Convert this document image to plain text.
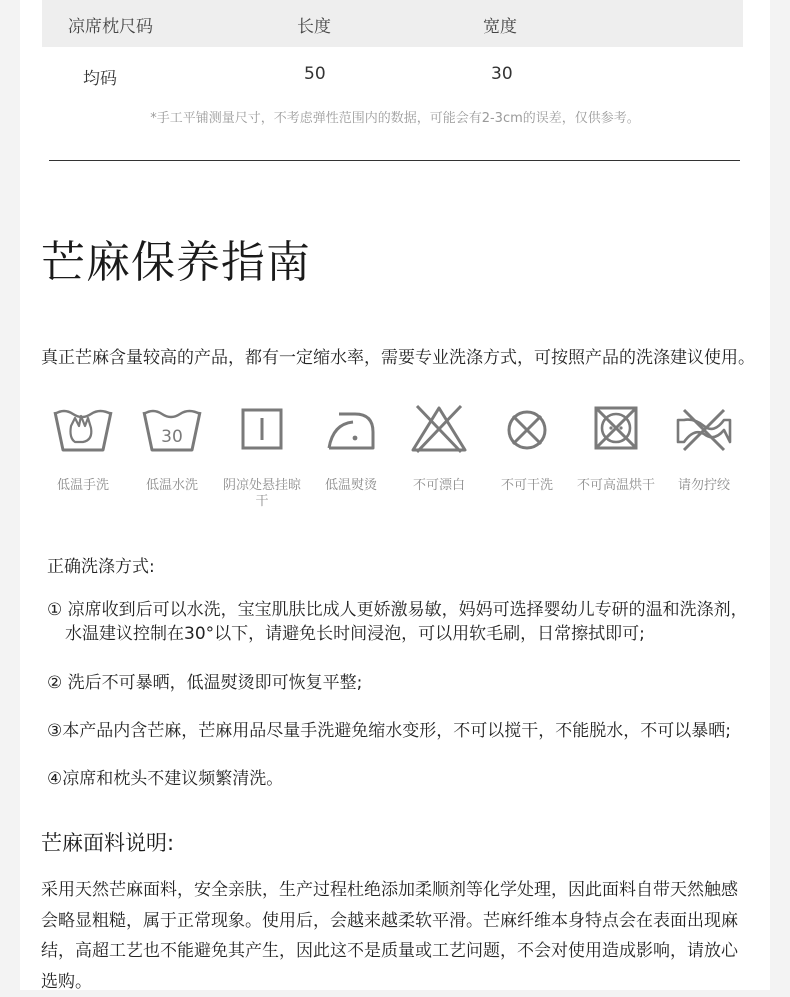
凉席枕尺码	长度	宽度
均码	50	30
*手工平铺测量尺寸，不考虑弹性范围内的数据，可能会有2-3cm的误差，仅供参考。
芒麻保养指南
真正芒麻含量较高的产品，都有一定缩水率，需要专业洗涤方式，可按照产品的洗涤建议使用。
低温手洗
30
低温水洗	阴凉处悬挂晾干
低温熨烫	不可漂白	不可干洗	不可高温烘干	请勿拧绞
正确洗涤方式:
① 凉席收到后可以水洗，宝宝肌肤比成人更娇激易敏，妈妈可选择婴幼儿专研的温和洗涤剂，
水温建议控制在30°以下，请避免长时间浸泡，可以用软毛刷，日常擦拭即可;
② 洗后不可暴晒，低温熨烫即可恢复平整;
③本产品内含芒麻，芒麻用品尽量手洗避免缩水变形，不可以搅干，不能脱水，不可以暴晒;
④凉席和枕头不建议频繁清洗。
芒麻面料说明:
采用天然芒麻面料，安全亲肤，生产过程杜绝添加柔顺剂等化学处理，因此面料自带天然触感会略显粗糙，属于正常现象。使用后，会越来越柔软平滑。芒麻纤维本身特点会在表面出现麻结，高超工艺也不能避免其产生，因此这不是质量或工艺问题，不会对使用造成影响，请放心选购。
